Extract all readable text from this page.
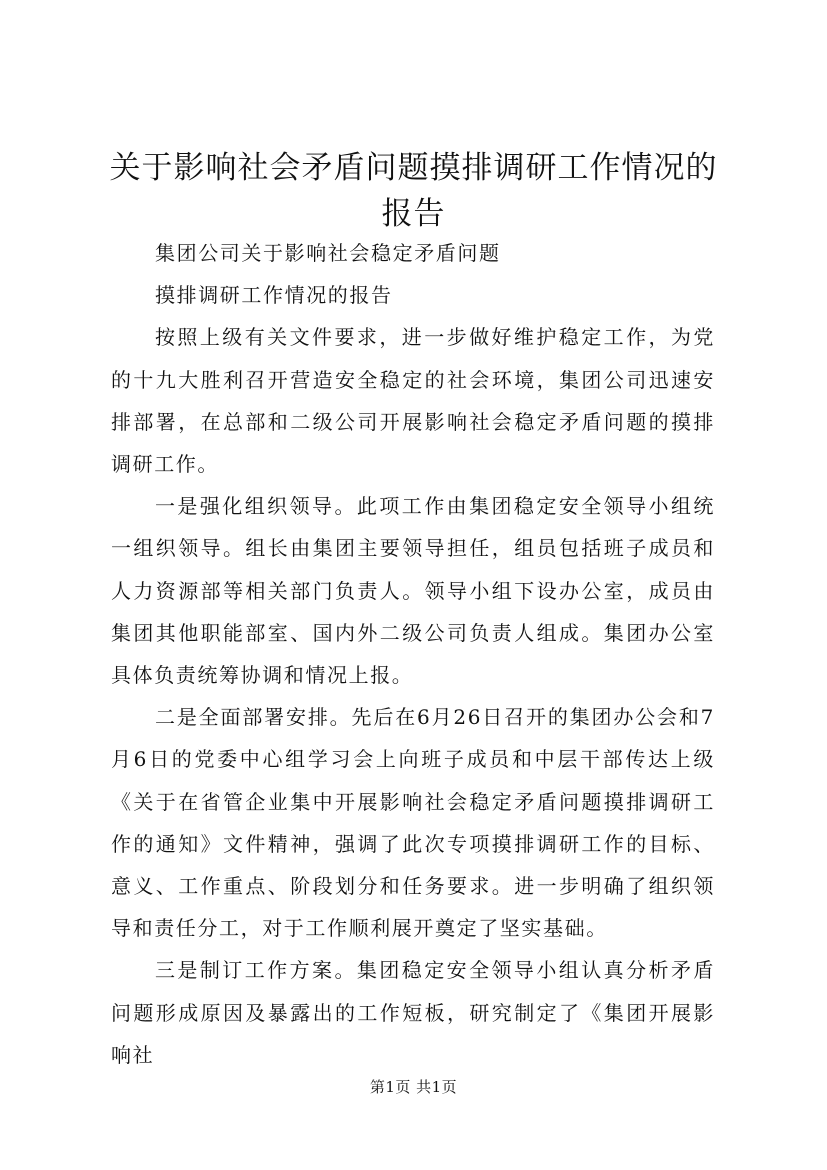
关于影响社会矛盾问题摸排调研工作情况的报告

集团公司关于影响社会稳定矛盾问题

摸排调研工作情况的报告

按照上级有关文件要求，进一步做好维护稳定工作，为党的十九大胜利召开营造安全稳定的社会环境，集团公司迅速安排部署，在总部和二级公司开展影响社会稳定矛盾问题的摸排调研工作。

一是强化组织领导。此项工作由集团稳定安全领导小组统一组织领导。组长由集团主要领导担任，组员包括班子成员和人力资源部等相关部门负责人。领导小组下设办公室，成员由集团其他职能部室、国内外二级公司负责人组成。集团办公室具体负责统筹协调和情况上报。

二是全面部署安排。先后在6月26日召开的集团办公会和7月6日的党委中心组学习会上向班子成员和中层干部传达上级《关于在省管企业集中开展影响社会稳定矛盾问题摸排调研工作的通知》文件精神，强调了此次专项摸排调研工作的目标、意义、工作重点、阶段划分和任务要求。进一步明确了组织领导和责任分工，对于工作顺利展开奠定了坚实基础。

三是制订工作方案。集团稳定安全领导小组认真分析矛盾问题形成原因及暴露出的工作短板，研究制定了《集团开展影响社

第1页 共1页
